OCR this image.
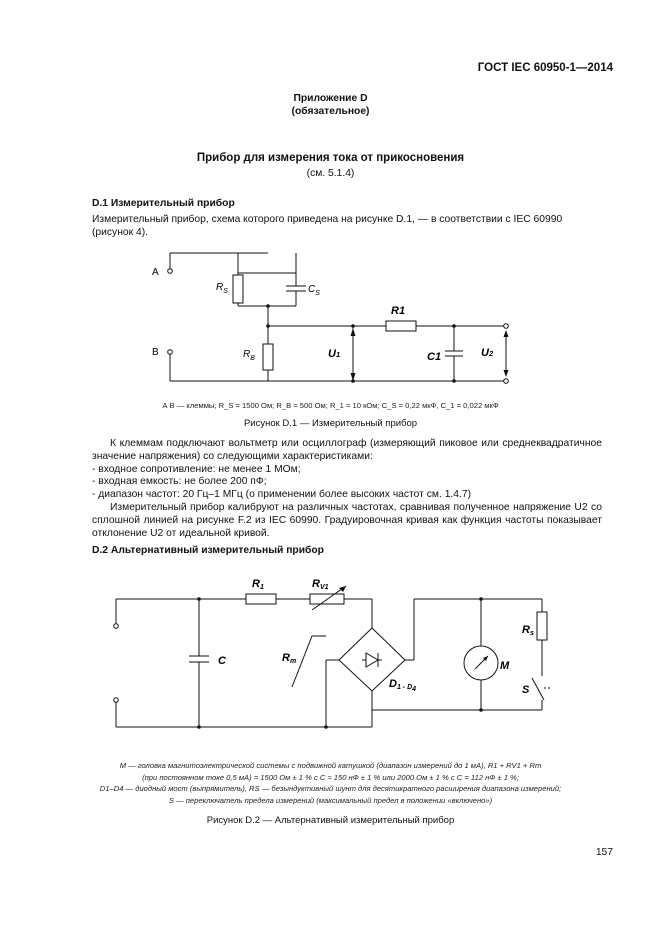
ГОСТ IEC 60950-1—2014
Приложение D
(обязательное)
Прибор для измерения тока от прикосновения
(см. 5.1.4)
D.1 Измерительный прибор
Измерительный прибор, схема которого приведена на рисунке D.1, — в соответствии с IEC 60990 (рисунок 4).
A
B
$R_S$	$C_S$
$R_B$
R1
U1	C1	U2
А В — клеммы; R_S = 1500 Ом; R_B = 500 Ом; R_1 = 10 кОм; C_S = 0,22 мкФ, C_1 = 0,022 мкФ
Рисунок D.1 — Измерительный прибор
К клеммам подключают вольтметр или осциллограф (измеряющий пиковое или среднеквадратичное значение напряжения) со следующими характеристиками:
- входное сопротивление: не менее 1 МОм;
- входная емкость: не более 200 пФ;
- диапазон частот: 20 Гц–1 МГц (о применении более высоких частот см. 1.4.7)
Измерительный прибор калибруют на различных частотах, сравнивая полученное напряжение U2 со сплошной линией на рисунке F.2 из IEC 60990. Градуировочная кривая как функция частоты показывает отклонение U2 от идеальной кривой.
D.2 Альтернативный измерительный прибор
R1	RV1
C	Rm
D1 - D4
M
Rs
S
M — головка магнитоэлектрической системы с подвижной катушкой (диапазон измерений до 1 мА), R1 + RV1 + Rm
(при постоянном токе 0,5 мА) = 1500 Ом ± 1 % с C ≈ 150 нФ ± 1 % или 2000 Ом ± 1 % с C = 112 нФ ± 1 %;
D1–D4 — диодный мост (выпрямитель), RS — безындуктивный шунт для десятикратного расширения диапазона измерений;
S — переключатель предела измерений (максимальный предел в положении «включено»)
Рисунок D.2 — Альтернативный измерительный прибор
157
